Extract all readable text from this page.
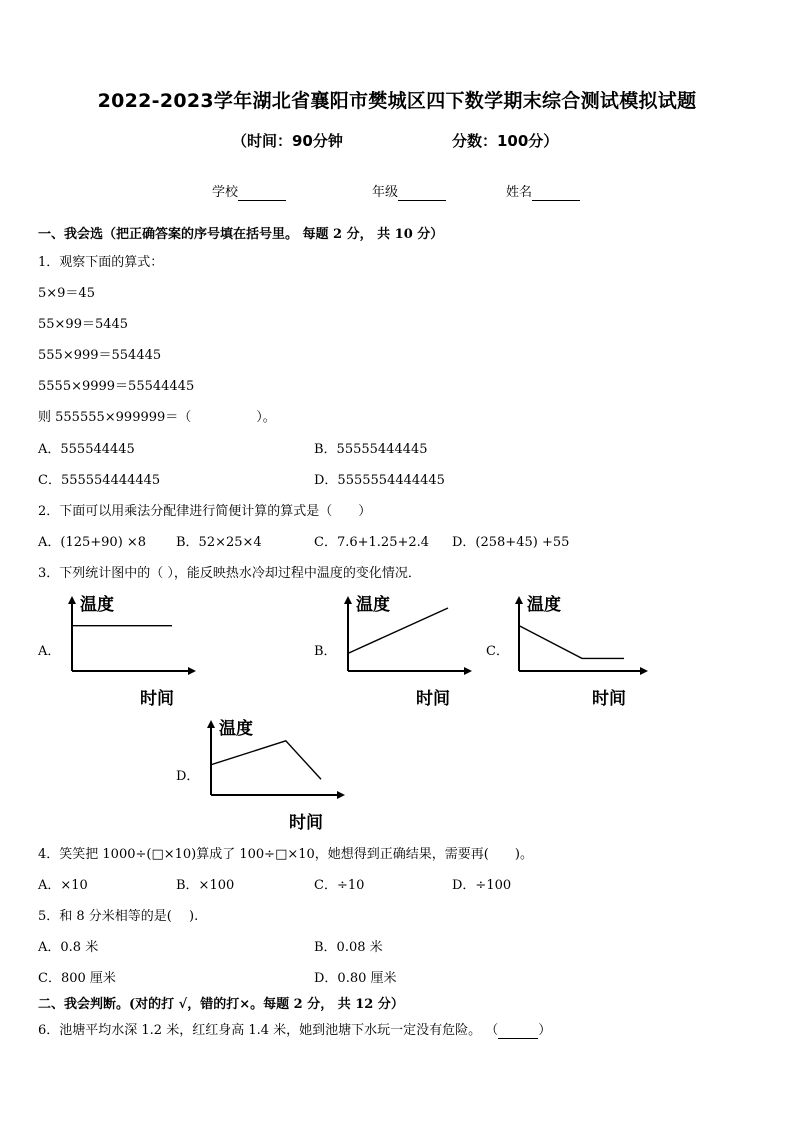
2022-2023学年湖北省襄阳市樊城区四下数学期末综合测试模拟试题
（时间：90分钟	分数：100分）
学校	年级	姓名
一、我会选（把正确答案的序号填在括号里。 每题 2 分， 共 10 分）
1．观察下面的算式：
5×9＝45
55×99＝5445
555×999＝554445
5555×9999＝55544445
则 555555×999999＝（　　　　　）。
A．555544445	B．55555444445
C．555554444445	D．5555554444445
2．下面可以用乘法分配律进行简便计算的算式是（　　）
A．(125+90) ×8 B．52×25×4	C．7.6+1.25+2.4 D．(258+45) +55
3．下列统计图中的（ ），能反映热水冷却过程中温度的变化情况．
A．
温度
时间
B．
温度
时间
C．
温度
时间
D．
温度
时间
4．笑笑把 1000÷(□×10)算成了 100÷□×10，她想得到正确结果，需要再(　　)。
A．×10	B．×100	C．÷10	D．÷100
5．和 8 分米相等的是(　 ).
A．0.8 米	B．0.08 米
C．800 厘米	D．0.80 厘米
二、我会判断。(对的打 √，错的打×。每题 2 分， 共 12 分）
6．池塘平均水深 1.2 米，红红身高 1.4 米，她到池塘下水玩一定没有危险。 （	）
